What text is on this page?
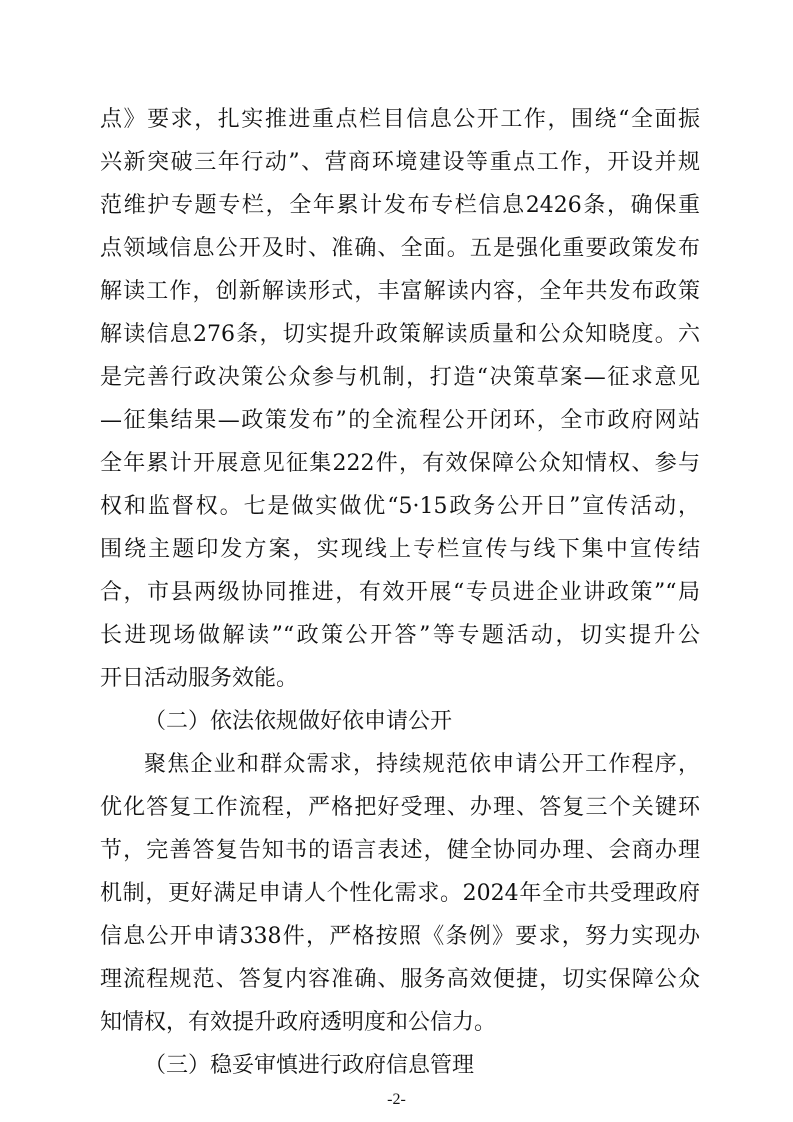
点》要求，扎实推进重点栏目信息公开工作，围绕“全面振
兴新突破三年行动”、营商环境建设等重点工作，开设并规
范维护专题专栏，全年累计发布专栏信息2426条，确保重
点领域信息公开及时、准确、全面。五是强化重要政策发布
解读工作，创新解读形式，丰富解读内容，全年共发布政策
解读信息276条，切实提升政策解读质量和公众知晓度。六
是完善行政决策公众参与机制，打造“决策草案—征求意见
—征集结果—政策发布”的全流程公开闭环，全市政府网站
全年累计开展意见征集222件，有效保障公众知情权、参与
权和监督权。七是做实做优“5·15政务公开日”宣传活动，
围绕主题印发方案，实现线上专栏宣传与线下集中宣传结
合，市县两级协同推进，有效开展“专员进企业讲政策”“局
长进现场做解读”“政策公开答”等专题活动，切实提升公
开日活动服务效能。
（二）依法依规做好依申请公开
聚焦企业和群众需求，持续规范依申请公开工作程序，
优化答复工作流程，严格把好受理、办理、答复三个关键环
节，完善答复告知书的语言表述，健全协同办理、会商办理
机制，更好满足申请人个性化需求。2024年全市共受理政府
信息公开申请338件，严格按照《条例》要求，努力实现办
理流程规范、答复内容准确、服务高效便捷，切实保障公众
知情权，有效提升政府透明度和公信力。
（三）稳妥审慎进行政府信息管理
-2-
